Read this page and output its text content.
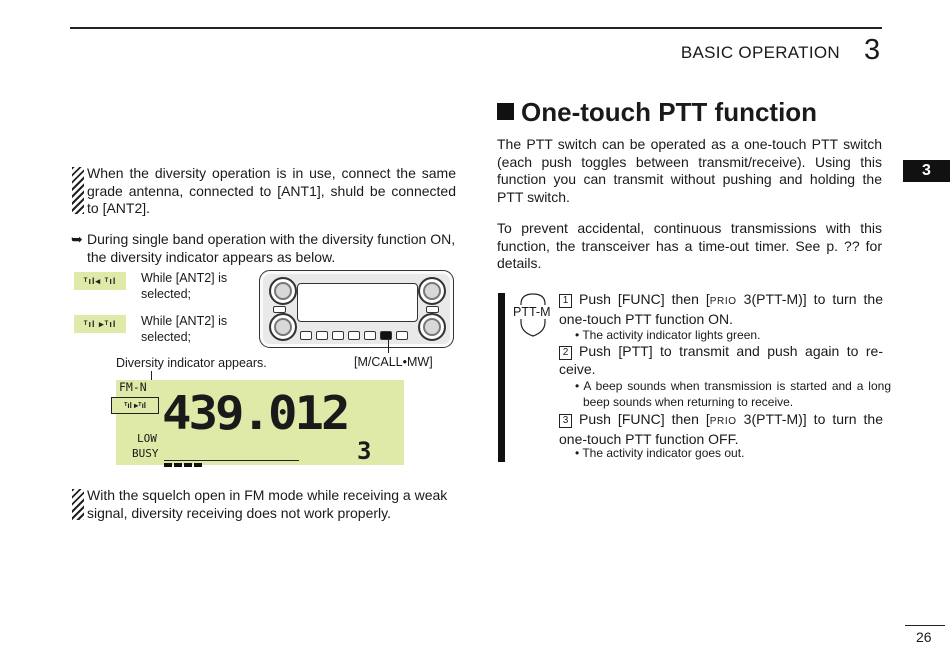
BASIC OPERATION 3
3
When the diversity operation is in use, connect the same grade antenna, connected to [ANT1], shuld be connected to [ANT2].
➥ During single band operation with the diversity function ON, the diversity indicator appears as below.
ᵀıl◂ ᵀıl	While [ANT2] is selected;
ᵀıl ▸ᵀıl	While [ANT2] is selected;
[M/CALL•MW]
Diversity indicator appears.
FM-N
ᵀıl ▸ᵀıl 439.012
LOW
BUSY	3
With the squelch open in FM mode while receiving a weak signal, diversity receiving does not work properly.
One-touch PTT function
The PTT switch can be operated as a one-touch PTT switch (each push toggles between transmit/receive). Using this function you can transmit without pushing and holding the PTT switch.
To prevent accidental, continuous transmissions with this function, the transceiver has a time-out timer. See p. ?? for details.
PTT-M
1 Push [FUNC] then [PRIO 3(PTT-M)] to turn the one-touch PTT function ON.
• The activity indicator lights green.
2 Push [PTT] to transmit and push again to re-ceive.
• A beep sounds when transmission is started and a long beep sounds when returning to receive.
3 Push [FUNC] then [PRIO 3(PTT-M)] to turn the one-touch PTT function OFF.
• The activity indicator goes out.
26
